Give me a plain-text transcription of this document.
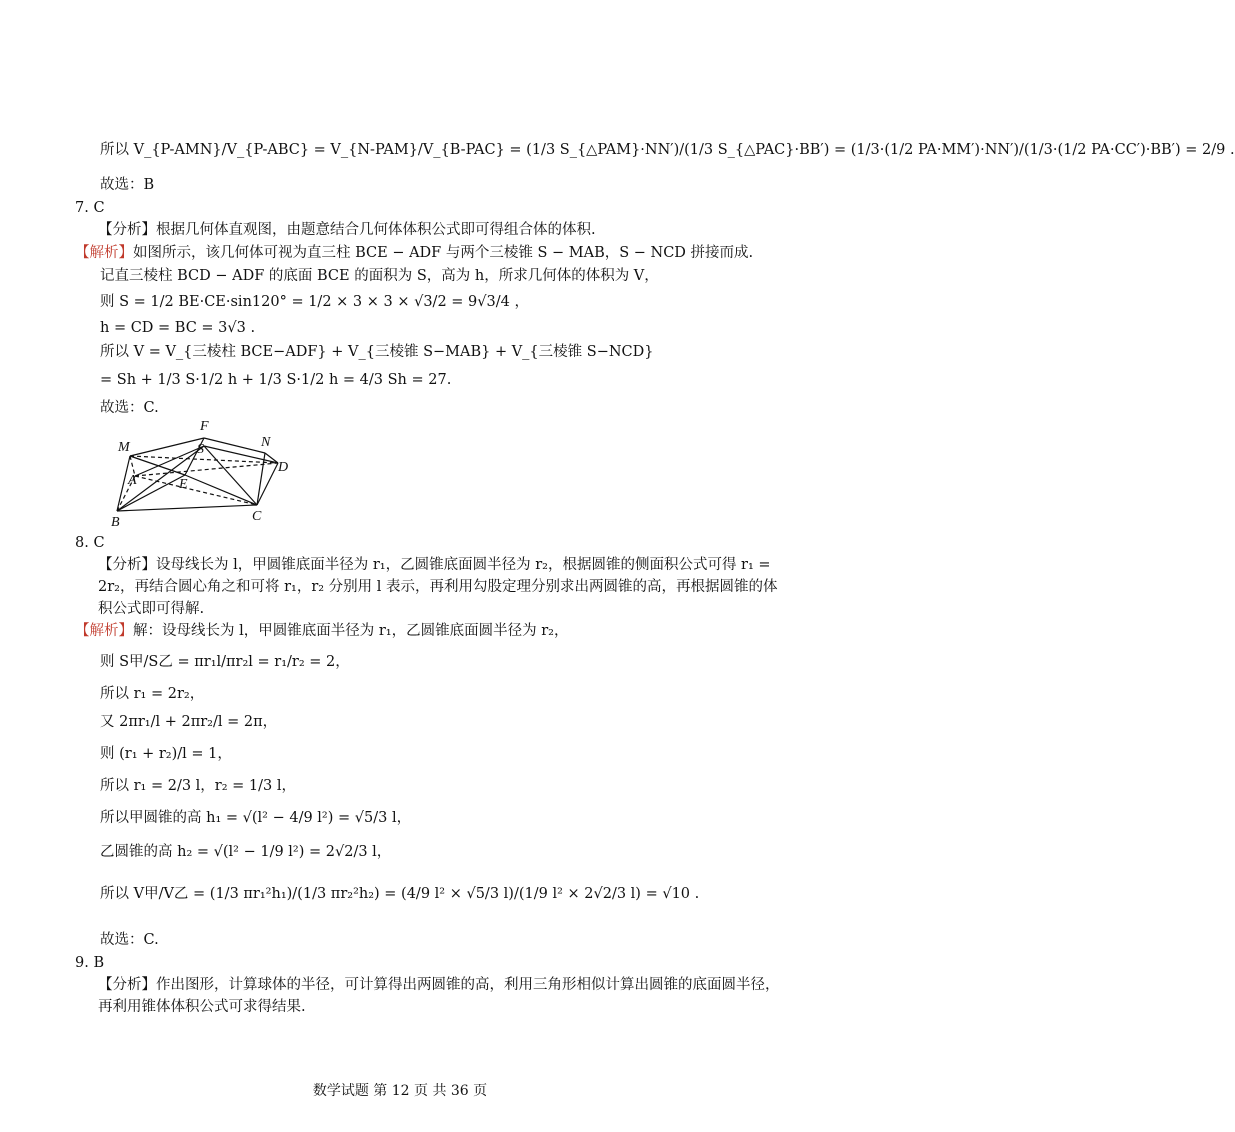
所以 V_{P-AMN}/V_{P-ABC} = V_{N-PAM}/V_{B-PAC} = (1/3 S_{△PAM}·NN′)/(1/3 S_{△PAC}·BB′) = (1/3·(1/2 PA·MM′)·NN′)/(1/3·(1/2 PA·CC′)·BB′) = 2/9 .
故选：B
7. C
【分析】根据几何体直观图，由题意结合几何体体积公式即可得组合体的体积.
【解析】如图所示，该几何体可视为直三柱 BCE − ADF 与两个三棱锥 S − MAB，S − NCD 拼接而成.
记直三棱柱 BCD − ADF 的底面 BCE 的面积为 S，高为 h，所求几何体的体积为 V，
则 S = 1/2 BE·CE·sin120° = 1/2 × 3 × 3 × √3/2 = 9√3/4 ，
h = CD = BC = 3√3 .
所以 V = V_{三棱柱 BCE−ADF} + V_{三棱锥 S−MAB} + V_{三棱锥 S−NCD}
= Sh + 1/3 S·1/2 h + 1/3 S·1/2 h = 4/3 Sh = 27.
故选：C.
F
S	N
M
D
A	E
B	C
8. C
【分析】设母线长为 l，甲圆锥底面半径为 r₁，乙圆锥底面圆半径为 r₂，根据圆锥的侧面积公式可得 r₁ =
2r₂，再结合圆心角之和可将 r₁，r₂ 分别用 l 表示，再利用勾股定理分别求出两圆锥的高，再根据圆锥的体
积公式即可得解.
【解析】解：设母线长为 l，甲圆锥底面半径为 r₁，乙圆锥底面圆半径为 r₂，
则 S甲/S乙 = πr₁l/πr₂l = r₁/r₂ = 2，
所以 r₁ = 2r₂，
又 2πr₁/l + 2πr₂/l = 2π，
则 (r₁ + r₂)/l = 1，
所以 r₁ = 2/3 l，r₂ = 1/3 l，
所以甲圆锥的高 h₁ = √(l² − 4/9 l²) = √5/3 l，
乙圆锥的高 h₂ = √(l² − 1/9 l²) = 2√2/3 l，
所以 V甲/V乙 = (1/3 πr₁²h₁)/(1/3 πr₂²h₂) = (4/9 l² × √5/3 l)/(1/9 l² × 2√2/3 l) = √10 .
故选：C.
9. B
【分析】作出图形，计算球体的半径，可计算得出两圆锥的高，利用三角形相似计算出圆锥的底面圆半径，
再利用锥体体积公式可求得结果.
数学试题 第 12 页 共 36 页
